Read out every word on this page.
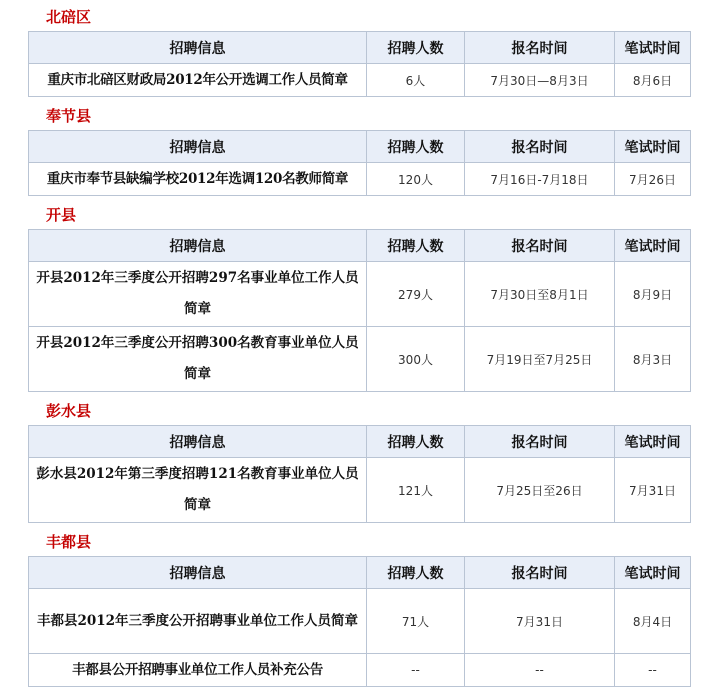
北碚区
招聘信息	招聘人数	报名时间	笔试时间
重庆市北碚区财政局2012年公开选调工作人员简章	6人	7月30日—8月3日	8月6日
奉节县
招聘信息	招聘人数	报名时间	笔试时间
重庆市奉节县缺编学校2012年选调120名教师简章	120人	7月16日-7月18日	7月26日
开县
招聘信息	招聘人数	报名时间	笔试时间
开县2012年三季度公开招聘297名事业单位工作人员简章	279人	7月30日至8月1日	8月9日
开县2012年三季度公开招聘300名教育事业单位人员简章	300人	7月19日至7月25日	8月3日
彭水县
招聘信息	招聘人数	报名时间	笔试时间
彭水县2012年第三季度招聘121名教育事业单位人员简章	121人	7月25日至26日	7月31日
丰都县
招聘信息	招聘人数	报名时间	笔试时间
丰都县2012年三季度公开招聘事业单位工作人员简章	71人	7月31日	8月4日
丰都县公开招聘事业单位工作人员补充公告	--	--	--
